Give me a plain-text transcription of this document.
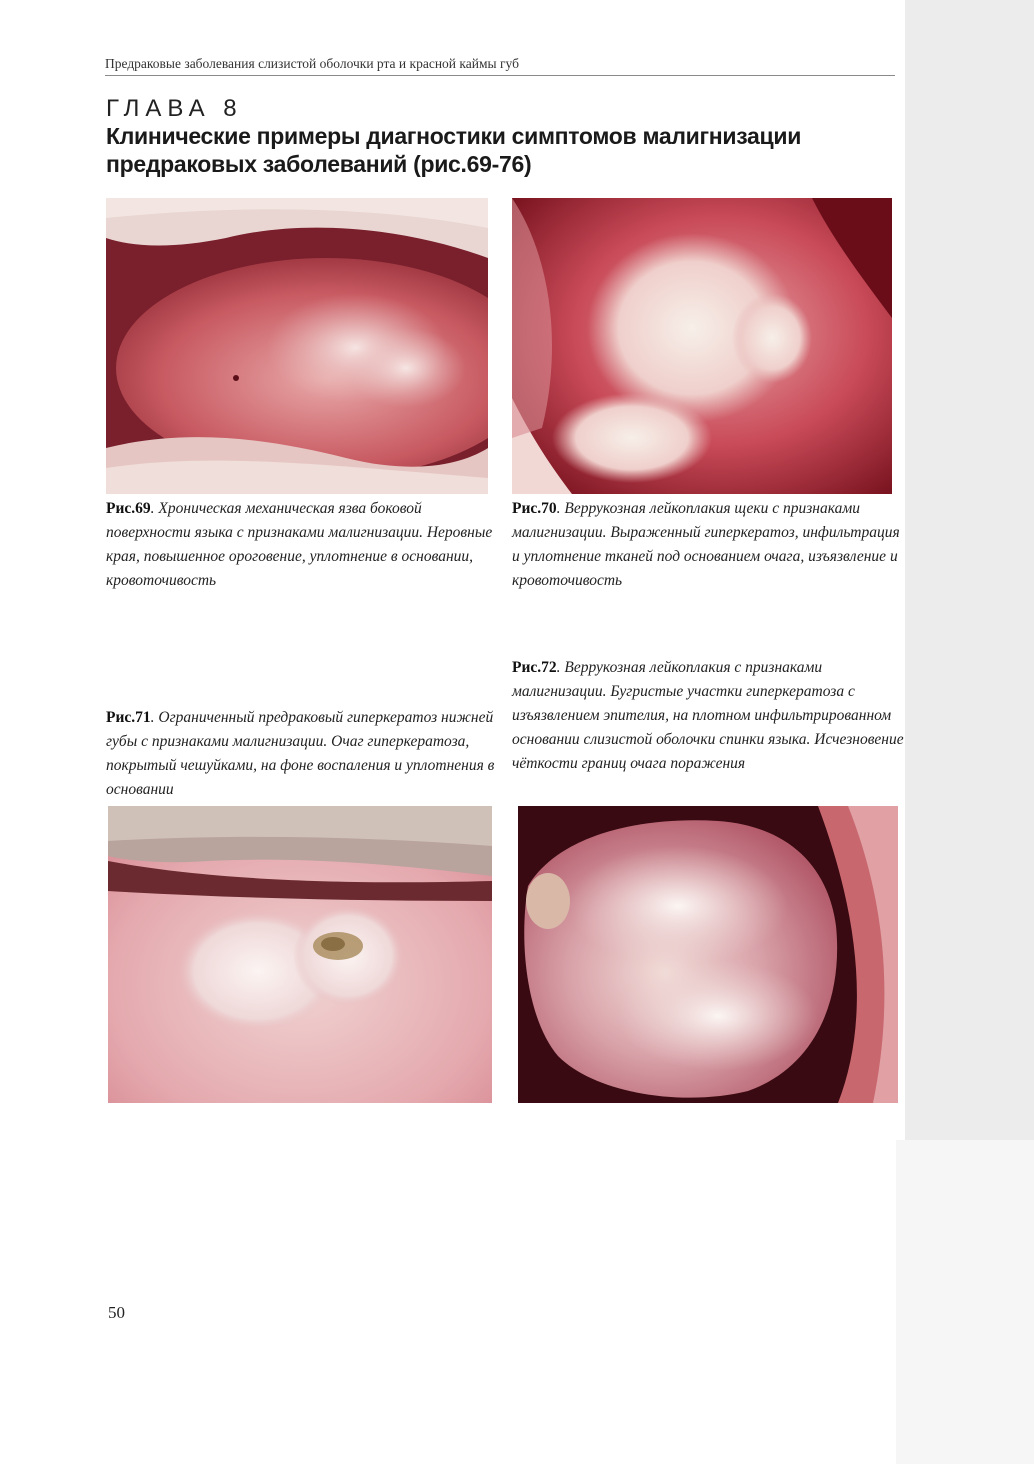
Предраковые заболевания слизистой оболочки рта и красной каймы губ
ГЛАВА 8
Клинические примеры диагностики симптомов малигнизации
предраковых заболеваний (рис.69-76)
Рис.69. Хроническая механическая язва боковой поверхности языка с признаками малигнизации. Неровные края, повышенное ороговение, уплотнение в основании, кровоточивость
Рис.70. Веррукозная лейкоплакия щеки с признаками малигнизации. Выраженный гиперкератоз, инфильтрация и уплотнение тканей под основанием очага, изъязвление и кровоточивость
Рис.71. Ограниченный предраковый гиперкератоз нижней губы с признаками малигнизации. Очаг гиперкератоза, покрытый чешуйками, на фоне воспаления и уплотнения в основании
Рис.72. Веррукозная лейкоплакия с признаками малигнизации. Бугристые участки гиперкератоза с изъязвлением эпителия, на плотном инфильтрированном основании слизистой оболочки спинки языка. Исчезновение чёткости границ очага поражения
50
